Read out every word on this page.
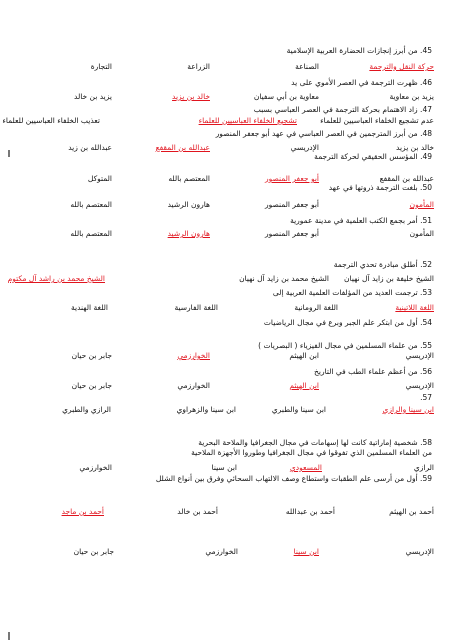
45. من أبرز إنجازات الحضارة العربية الإسلامية
حركة النقل والترجمة
الصناعة
الزراعة
التجارة
46. ظهرت الترجمة في العصر الأموي على يد
يزيد بن معاوية
معاوية بن أبي سفيان
خالد بن يزيد
يزيد بن خالد
47. زاد الاهتمام بحركة الترجمة في العصر العباسي بسبب
عدم تشجيع الخلفاء العباسيين للعلماء
تشجيع الخلفاء العباسيين للعلماء
تعذيب الخلفاء العباسيين للعلماء
48. من أبرز المترجمين في العصر العباسي في عهد أبو جعفر المنصور
خالد بن يزيد
الإدريسي
عبدالله بن المقفع
عبدالله بن زيد
49. المؤسس الحقيقي لحركة الترجمة
عبدالله بن المقفع
أبو جعفر المنصور
المعتصم بالله
المتوكل
50. بلغت الترجمة ذروتها في عهد
المأمون
أبو جعفر المنصور
هارون الرشيد
المعتصم بالله
51. أمر بجمع الكتب العلمية في مدينة عمورية
المأمون
أبو جعفر المنصور
هارون الرشيد
المعتصم بالله
52. أطلق مبادرة تحدي الترجمة
الشيخ خليفة بن زايد آل نهيان
الشيخ محمد بن زايد آل نهيان
الشيخ محمد بن راشد آل مكتوم
53. ترجمت العديد من المؤلفات العلمية العربية إلى
اللغة اللاتينية
اللغة الرومانية
اللغة الفارسية
اللغة الهندية
54. أول من ابتكر علم الجبر وبرع في مجال الرياضيات
الإدريسي
ابن الهيثم
الخوارزمي
جابر بن حيان
55. من علماء المسلمين في مجال الفيزياء ( البصريات )
الإدريسي
ابن الهيثم
الخوارزمي
جابر بن حيان
56. من أعظم علماء الطب في التاريخ
ابن سينا والرازي
ابن سينا والطبري
ابن سينا والزهراوي
الرازي والطبري
57.
من العلماء المسلمين الذي تفوقوا في مجال الجغرافيا وطوروا الأجهزة الملاحية
الرازي
المسعودي
ابن سينا
الخوارزمي
58. شخصية إماراتية كانت لها إسهامات في مجال الجغرافيا والملاحة البحرية
أحمد بن الهيثم
أحمد بن عبدالله
أحمد بن خالد
أحمد بن ماجد
59. أول من أرسى علم الطقبات واستطاع وصف الالتهاب السحائي وفرق بين أنواع الشلل
الإدريسي
ابن سينا
الخوارزمي
جابر بن حيان
